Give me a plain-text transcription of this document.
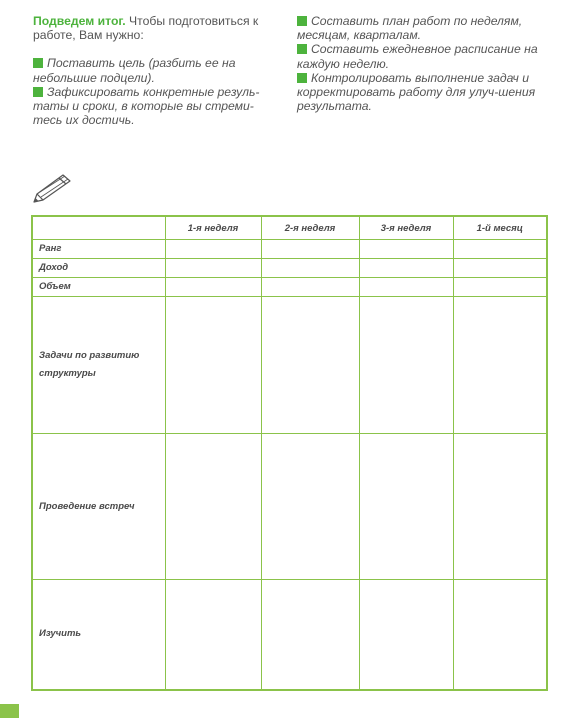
Подведем итог. Чтобы подготовиться к работе, Вам нужно:

Поставить цель (разбить ее на небольшие подцели).

Зафиксировать конкретные резуль-таты и сроки, в которые вы стреми-тесь их достичь.

Составить план работ по неделям, месяцам, кварталам.

Составить ежедневное расписание на каждую неделю.

Контролировать выполнение задач и корректировать работу для улуч-шения результата.

	1-я неделя	2-я неделя	3-я неделя	1-й месяц
Ранг				
Доход				
Объем				
Задачи по развитию структуры				
Проведение встреч				
Изучить				
